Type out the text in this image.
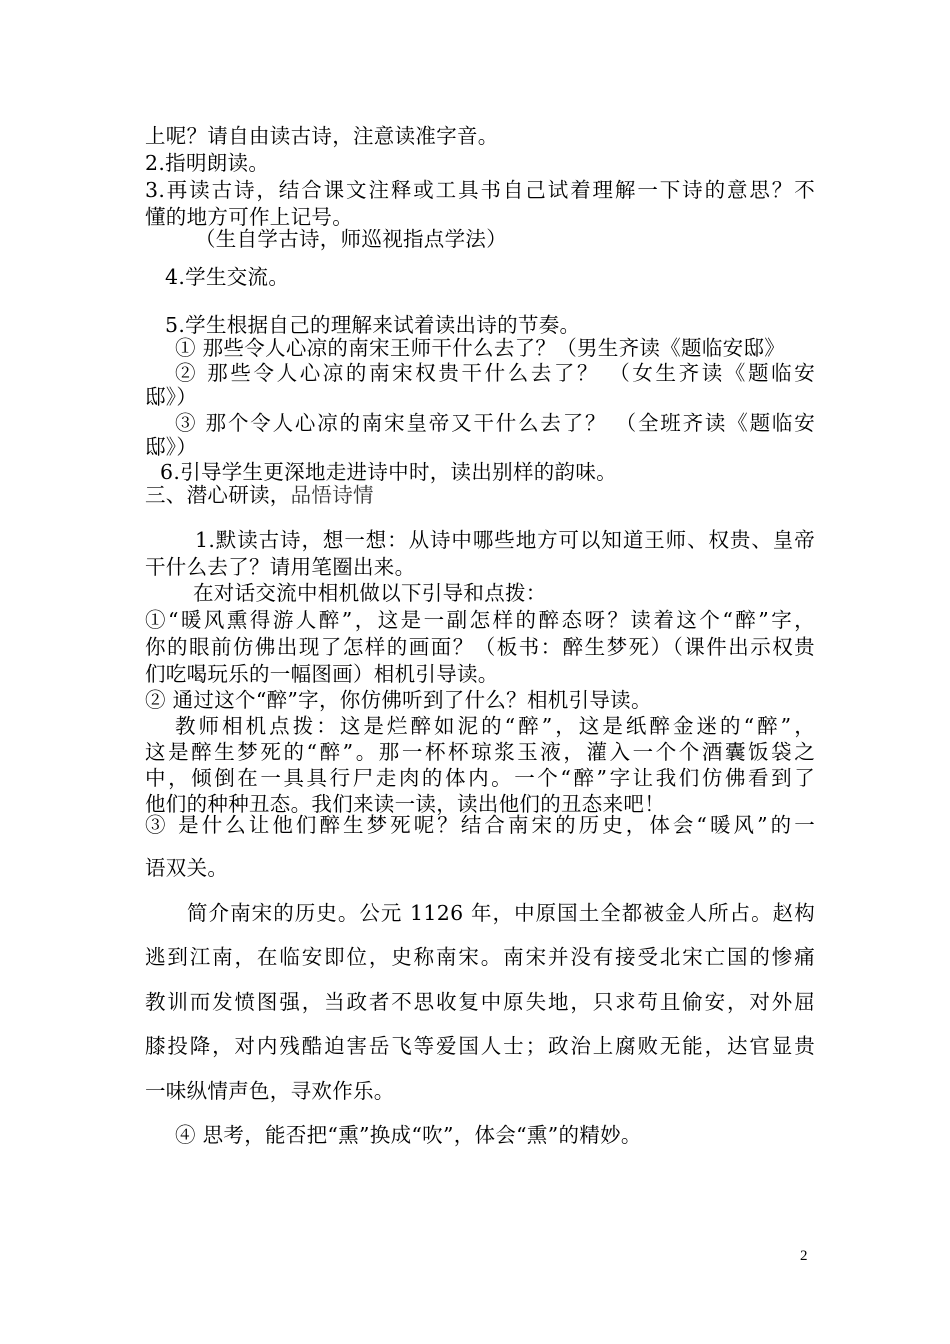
上呢？请自由读古诗，注意读准字音。
2.指明朗读。
3.再读古诗，结合课文注释或工具书自己试着理解一下诗的意思？不
懂的地方可作上记号。
（生自学古诗，师巡视指点学法）
4.学生交流。
5.学生根据自己的理解来试着读出诗的节奏。
① 那些令人心凉的南宋王师干什么去了？（男生齐读《题临安邸》
② 那些令人心凉的南宋权贵干什么去了？ （女生齐读《题临安
邸》）
③ 那个令人心凉的南宋皇帝又干什么去了？ （全班齐读《题临安
邸》）
6.引导学生更深地走进诗中时，读出别样的韵味。
三、潜心研读，品悟诗情
1.默读古诗，想一想：从诗中哪些地方可以知道王师、权贵、皇帝
干什么去了？请用笔圈出来。
在对话交流中相机做以下引导和点拨：
①“暖风熏得游人醉”，这是一副怎样的醉态呀？读着这个“醉”字，
你的眼前仿佛出现了怎样的画面？（板书：醉生梦死）（课件出示权贵
们吃喝玩乐的一幅图画）相机引导读。
② 通过这个“醉”字，你仿佛听到了什么？相机引导读。
教师相机点拨：这是烂醉如泥的“醉”，这是纸醉金迷的“醉”，
这是醉生梦死的“醉”。那一杯杯琼浆玉液，灌入一个个酒囊饭袋之
中，倾倒在一具具行尸走肉的体内。一个“醉”字让我们仿佛看到了
他们的种种丑态。我们来读一读，读出他们的丑态来吧！
③ 是什么让他们醉生梦死呢？结合南宋的历史，体会“暖风”的一
语双关。
简介南宋的历史。公元 1126 年，中原国土全都被金人所占。赵构
逃到江南，在临安即位，史称南宋。南宋并没有接受北宋亡国的惨痛
教训而发愤图强，当政者不思收复中原失地，只求苟且偷安，对外屈
膝投降，对内残酷迫害岳飞等爱国人士；政治上腐败无能，达官显贵
一味纵情声色，寻欢作乐。
④ 思考，能否把“熏”换成“吹”，体会“熏”的精妙。
2
